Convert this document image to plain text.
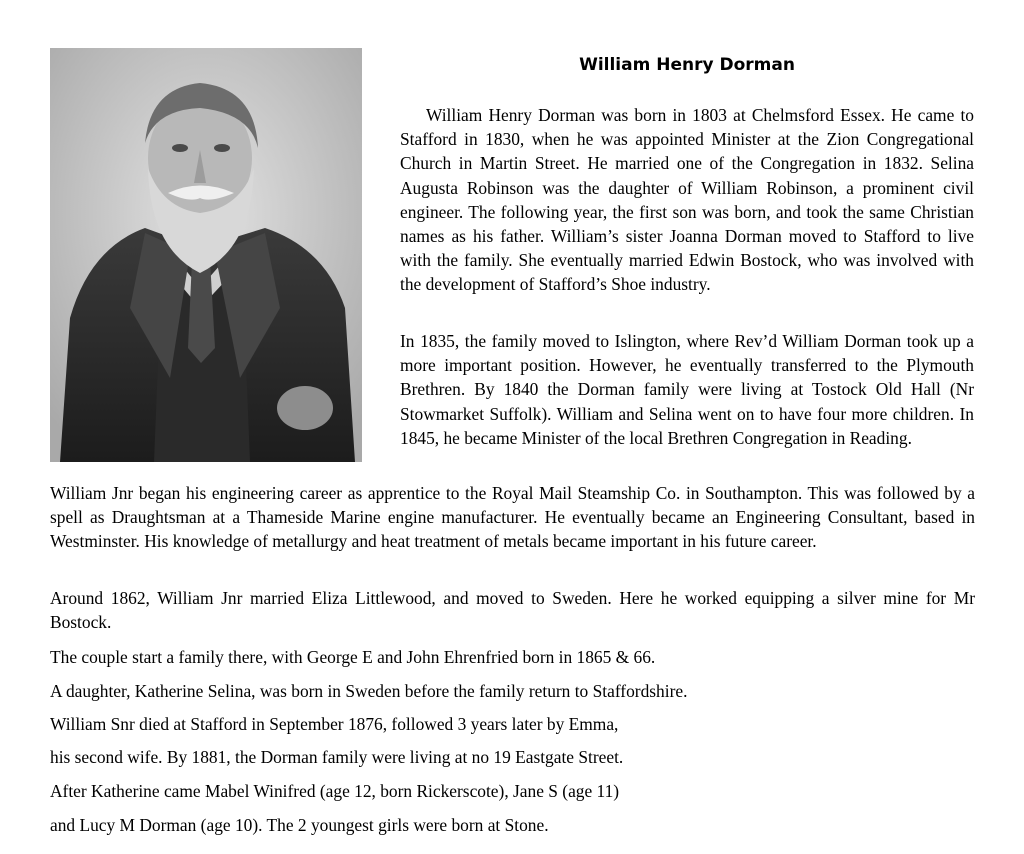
William Henry Dorman

William Henry Dorman was born in 1803 at Chelmsford Essex. He came to Stafford in 1830, when he was appointed Minister at the Zion Congregational Church in Martin Street. He married one of the Congregation in 1832. Selina Augusta Robinson was the daughter of William Robinson, a prominent civil engineer. The following year, the first son was born, and took the same Christian names as his father. William’s sister Joanna Dorman moved to Stafford to live with the family. She eventually married Edwin Bostock, who was involved with the development of Stafford’s Shoe industry.

In 1835, the family moved to Islington, where Rev’d William Dorman took up a more important position. However, he eventually transferred to the Plymouth Brethren. By 1840 the Dorman family were living at Tostock Old Hall (Nr Stowmarket Suffolk). William and Selina went on to have four more children. In 1845, he became Minister of the local Brethren Congregation in Reading.

William Jnr began his engineering career as apprentice to the Royal Mail Steamship Co. in Southampton. This was followed by a spell as Draughtsman at a Thameside Marine engine manufacturer. He eventually became an Engineering Consultant, based in Westminster. His knowledge of metallurgy and heat treatment of metals became important in his future career.

Around 1862, William Jnr married Eliza Littlewood, and moved to Sweden. Here he worked equipping a silver mine for Mr Bostock.

The couple start a family there, with George E and John Ehrenfried born in 1865 & 66.

A daughter, Katherine Selina, was born in Sweden before the family return to Staffordshire.

William Snr died at Stafford in September 1876, followed 3 years later by Emma,

his second wife. By 1881, the Dorman family were living at no 19 Eastgate Street.

After Katherine came Mabel Winifred (age 12, born Rickerscote), Jane S (age 11)

and Lucy M Dorman (age 10). The 2 youngest girls were born at Stone.
